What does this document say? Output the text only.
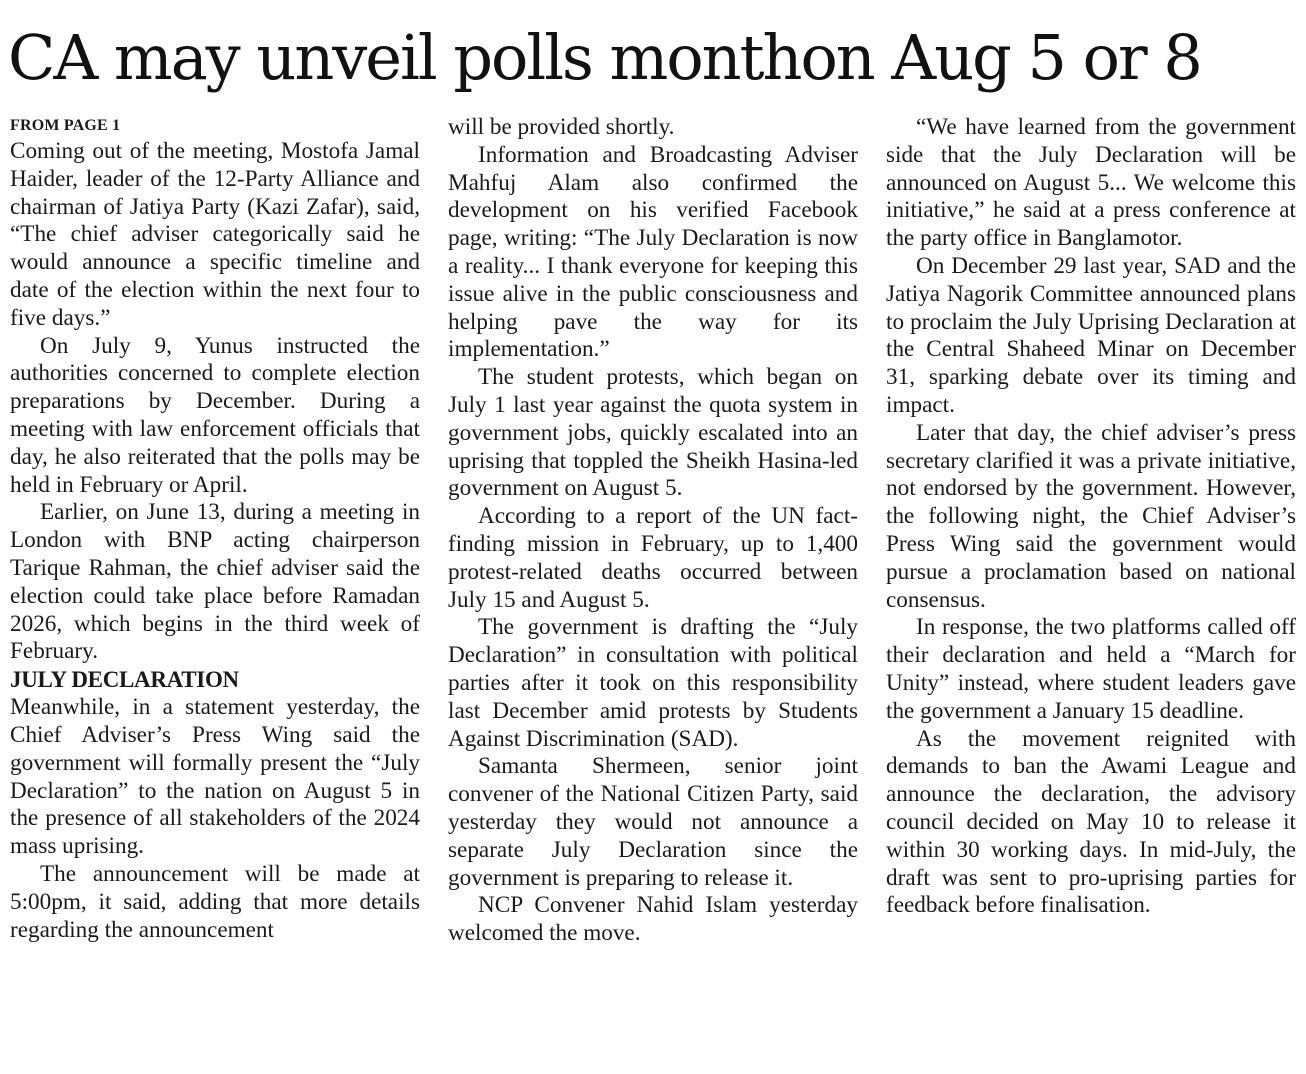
CA may unveil polls monthon Aug 5 or 8
FROM PAGE 1

Coming out of the meeting, Mostofa Jamal Haider, leader of the 12-Party Alliance and chairman of Jatiya Party (Kazi Zafar), said, “The chief adviser categorically said he would announce a specific timeline and date of the election within the next four to five days.”

On July 9, Yunus instructed the authorities concerned to complete election preparations by December. During a meeting with law enforcement officials that day, he also reiterated that the polls may be held in February or April.

Earlier, on June 13, during a meeting in London with BNP acting chairperson Tarique Rahman, the chief adviser said the election could take place before Ramadan 2026, which begins in the third week of February.

JULY DECLARATION

Meanwhile, in a statement yesterday, the Chief Adviser’s Press Wing said the government will formally present the “July Declaration” to the nation on August 5 in the presence of all stakeholders of the 2024 mass uprising.

The announcement will be made at 5:00pm, it said, adding that more details regarding the announcement

will be provided shortly.

Information and Broadcasting Adviser Mahfuj Alam also confirmed the development on his verified Facebook page, writing: “The July Declaration is now a reality... I thank everyone for keeping this issue alive in the public consciousness and helping pave the way for its implementation.”

The student protests, which began on July 1 last year against the quota system in government jobs, quickly escalated into an uprising that toppled the Sheikh Hasina-led government on August 5.

According to a report of the UN fact-finding mission in February, up to 1,400 protest-related deaths occurred between July 15 and August 5.

The government is drafting the “July Declaration” in consultation with political parties after it took on this responsibility last December amid protests by Students Against Discrimination (SAD).

Samanta Shermeen, senior joint convener of the National Citizen Party, said yesterday they would not announce a separate July Declaration since the government is preparing to release it.

NCP Convener Nahid Islam yesterday welcomed the move.

“We have learned from the government side that the July Declaration will be announced on August 5... We welcome this initiative,” he said at a press conference at the party office in Banglamotor.

On December 29 last year, SAD and the Jatiya Nagorik Committee announced plans to proclaim the July Uprising Declaration at the Central Shaheed Minar on December 31, sparking debate over its timing and impact.

Later that day, the chief adviser’s press secretary clarified it was a private initiative, not endorsed by the government. However, the following night, the Chief Adviser’s Press Wing said the government would pursue a proclamation based on national consensus.

In response, the two platforms called off their declaration and held a “March for Unity” instead, where student leaders gave the government a January 15 deadline.

As the movement reignited with demands to ban the Awami League and announce the declaration, the advisory council decided on May 10 to release it within 30 working days. In mid-July, the draft was sent to pro-uprising parties for feedback before finalisation.
